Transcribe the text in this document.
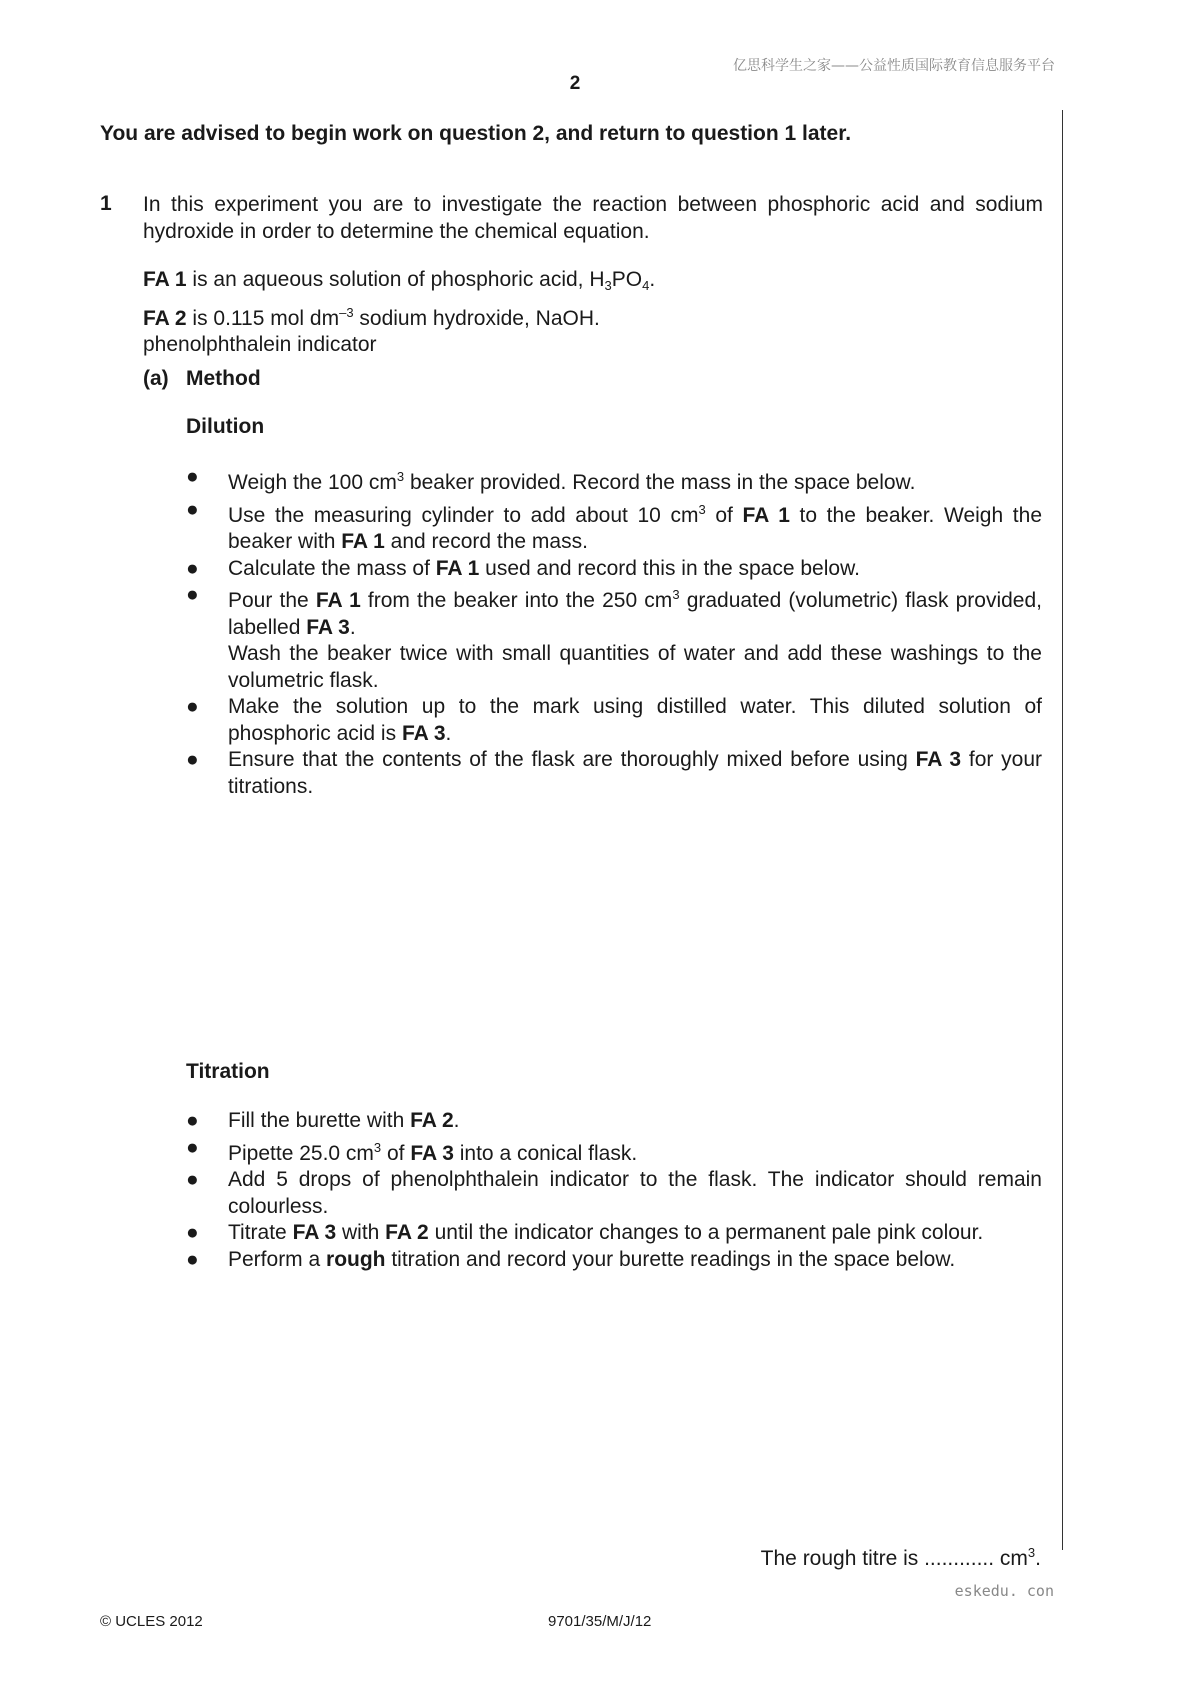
亿思科学生之家——公益性质国际教育信息服务平台
2
You are advised to begin work on question 2, and return to question 1 later.
1 In this experiment you are to investigate the reaction between phosphoric acid and sodium hydroxide in order to determine the chemical equation.
FA 1 is an aqueous solution of phosphoric acid, $H_3PO_4$.
FA 2 is 0.115 mol $dm^{-3}$ sodium hydroxide, NaOH.
phenolphthalein indicator
(a) Method
Dilution
● Weigh the 100 $cm^3$ beaker provided. Record the mass in the space below.
● Use the measuring cylinder to add about 10 $cm^3$ of FA 1 to the beaker. Weigh the beaker with FA 1 and record the mass.
● Calculate the mass of FA 1 used and record this in the space below.
● Pour the FA 1 from the beaker into the 250 $cm^3$ graduated (volumetric) flask provided, labelled FA 3.
Wash the beaker twice with small quantities of water and add these washings to the volumetric flask.
● Make the solution up to the mark using distilled water. This diluted solution of phosphoric acid is FA 3.
● Ensure that the contents of the flask are thoroughly mixed before using FA 3 for your titrations.
Titration
● Fill the burette with FA 2.
● Pipette 25.0 $cm^3$ of FA 3 into a conical flask.
● Add 5 drops of phenolphthalein indicator to the flask. The indicator should remain colourless.
● Titrate FA 3 with FA 2 until the indicator changes to a permanent pale pink colour.
● Perform a rough titration and record your burette readings in the space below.
The rough titre is ............ $cm^3$.
eskedu. con
© UCLES 2012	9701/35/M/J/12
